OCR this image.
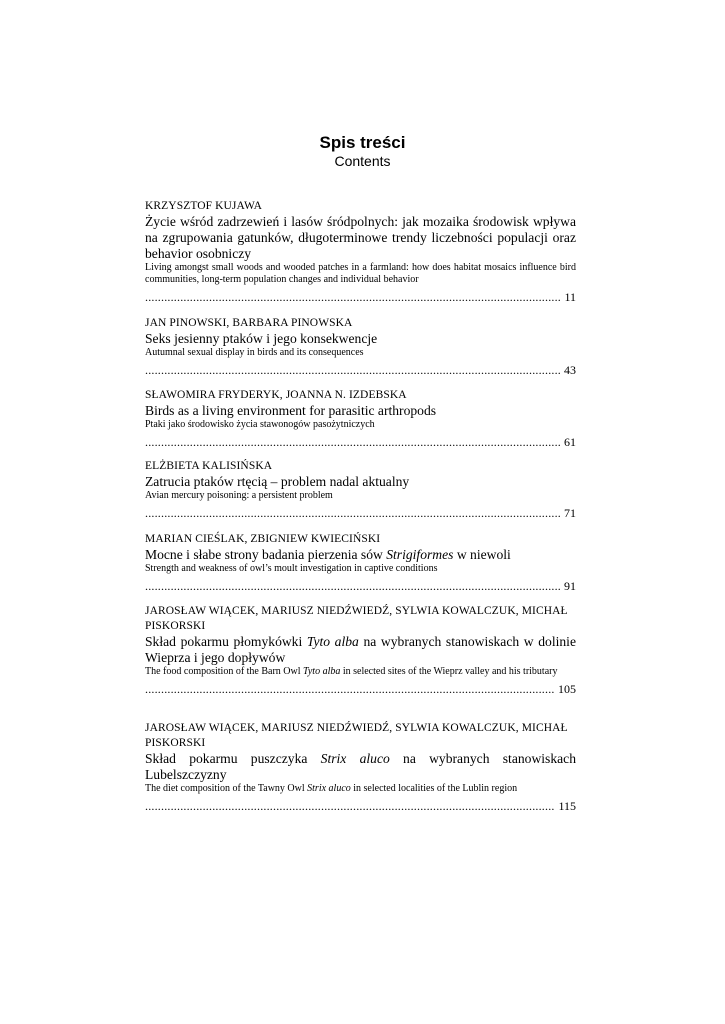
Spis treści
Contents
KRZYSZTOF KUJAWA
Życie wśród zadrzewień i lasów śródpolnych: jak mozaika środowisk wpływa na zgrupowania gatunków, długoterminowe trendy liczebności populacji oraz behavior osobniczy
Living amongst small woods and wooded patches in a farmland: how does habitat mosaics influence bird communities, long-term population changes and individual behavior
.....
11
JAN PINOWSKI, BARBARA PINOWSKA
Seks jesienny ptaków i jego konsekwencje
Autumnal sexual display in birds and its consequences
.....
43
SŁAWOMIRA FRYDERYK, JOANNA N. IZDEBSKA
Birds as a living environment for parasitic arthropods
Ptaki jako środowisko życia stawonogów pasożytniczych
.....
61
ELŻBIETA KALISIŃSKA
Zatrucia ptaków rtęcią – problem nadal aktualny
Avian mercury poisoning: a persistent problem
.....
71
MARIAN CIEŚLAK, ZBIGNIEW KWIECIŃSKI
Mocne i słabe strony badania pierzenia sów Strigiformes w niewoli
Strength and weakness of owl’s moult investigation in captive conditions
.....
91
JAROSŁAW WIĄCEK, MARIUSZ NIEDŹWIEDŹ, SYLWIA KOWALCZUK, MICHAŁ PISKORSKI
Skład pokarmu płomykówki Tyto alba na wybranych stanowiskach w dolinie Wieprza i jego dopływów
The food composition of the Barn Owl Tyto alba in selected sites of the Wieprz valley and his tributary
.....
105
JAROSŁAW WIĄCEK, MARIUSZ NIEDŹWIEDŹ, SYLWIA KOWALCZUK, MICHAŁ PISKORSKI
Skład pokarmu puszczyka Strix aluco na wybranych stanowiskach Lubelszczyzny
The diet composition of the Tawny Owl Strix aluco in selected localities of the Lublin region
.....
115
